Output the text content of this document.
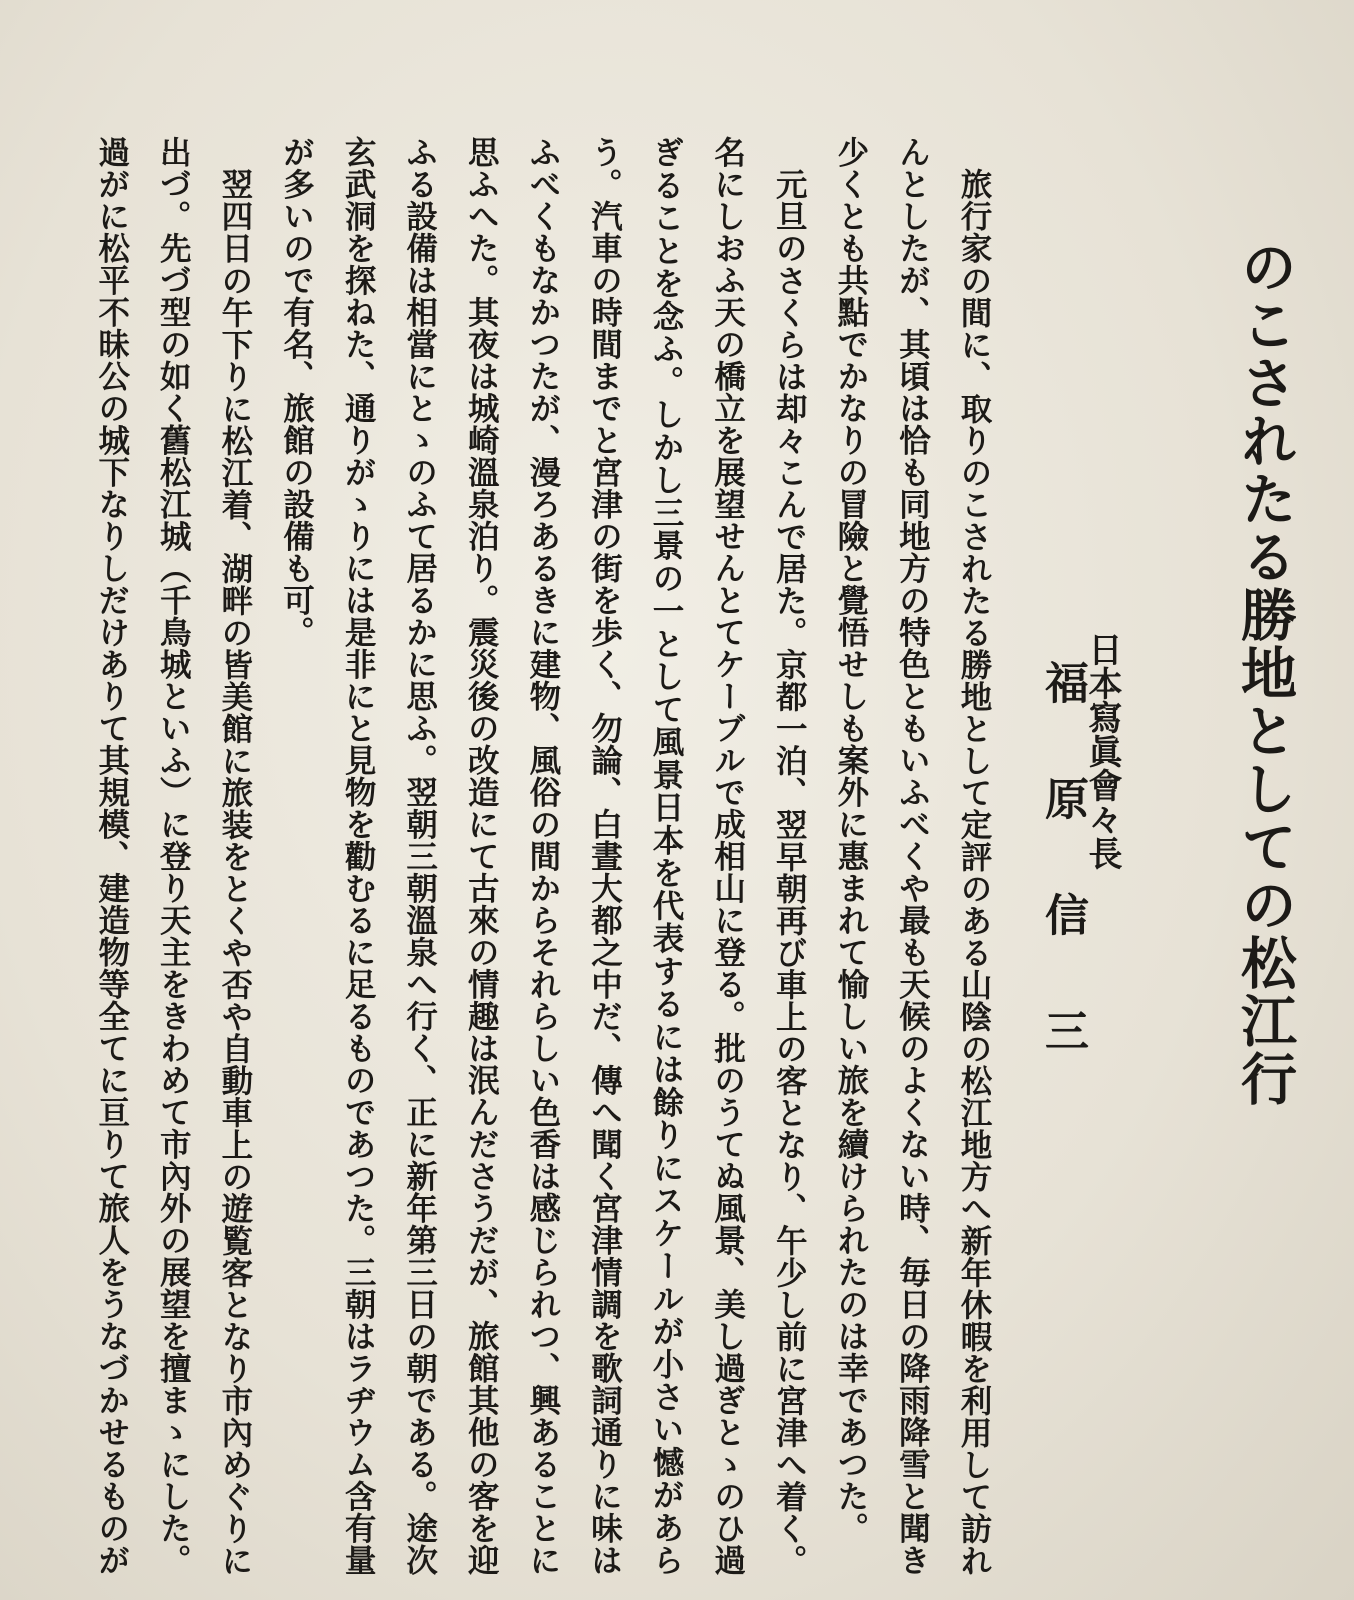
のこされたる勝地としての松江行
日本寫眞會々長
福原信三

旅行家の間に、取りのこされたる勝地として定評のある山陰の松江地方へ新年休暇を利用して訪れんとしたが、其頃は恰も同地方の特色ともいふべくや最も天候のよくない時、毎日の降雨降雪と聞き少くとも共點でかなりの冒險と覺悟せしも案外に惠まれて愉しい旅を續けられたのは幸であつた。

元旦のさくらは却々こんで居た。京都一泊、翌早朝再び車上の客となり、午少し前に宮津へ着く。名にしおふ天の橋立を展望せんとてケーブルで成相山に登る。批のうてぬ風景、美し過ぎとゝのひ過ぎることを念ふ。しかし三景の一として風景日本を代表するには餘りにスケールが小さい憾があらう。汽車の時間までと宮津の街を歩く、勿論、白晝大都之中だ、傳へ聞く宮津情調を歌詞通りに味はふべくもなかつたが、漫ろあるきに建物、風俗の間からそれらしい色香は感じられつ、興あることに思ふへた。其夜は城崎溫泉泊り。震災後の改造にて古來の情趣は泯んださうだが、旅館其他の客を迎ふる設備は相當にとゝのふて居るかに思ふ。翌朝三朝溫泉へ行く、正に新年第三日の朝である。途次玄武洞を探ねた、通りがゝりには是非にと見物を勸むるに足るものであつた。三朝はラヂウム含有量が多いので有名、旅館の設備も可。

翌四日の午下りに松江着、湖畔の皆美館に旅装をとくや否や自動車上の遊覧客となり市內めぐりに出づ。先づ型の如く舊松江城（千鳥城といふ）に登り天主をきわめて市內外の展望を擅まゝにした。過がに松平不昧公の城下なりしだけありて其規模、建造物等全てに亘りて旅人をうなづかせるものが
